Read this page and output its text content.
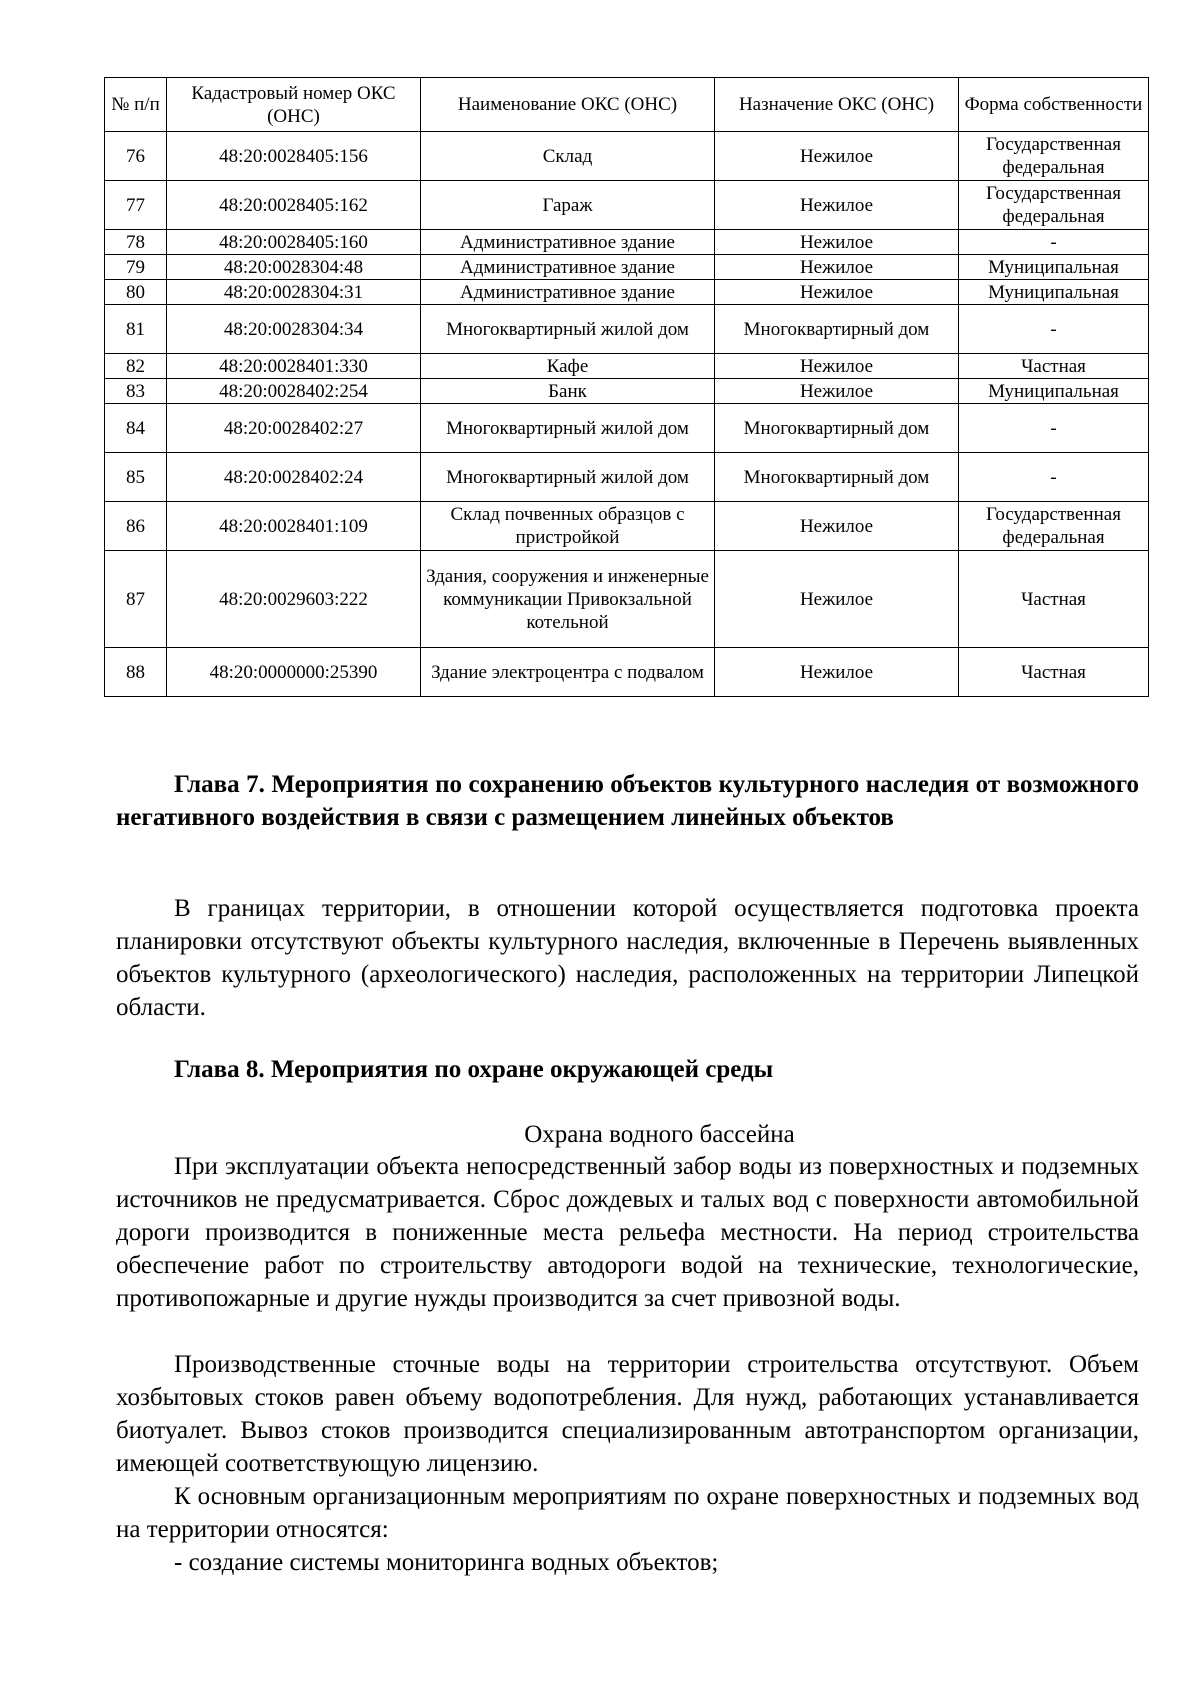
№ п/п	Кадастровый номер ОКС (ОНС)	Наименование ОКС (ОНС)	Назначение ОКС (ОНС)	Форма собственности
76	48:20:0028405:156	Склад	Нежилое	Государственная федеральная
77	48:20:0028405:162	Гараж	Нежилое	Государственная федеральная
78	48:20:0028405:160	Административное здание	Нежилое	-
79	48:20:0028304:48	Административное здание	Нежилое	Муниципальная
80	48:20:0028304:31	Административное здание	Нежилое	Муниципальная
81	48:20:0028304:34	Многоквартирный жилой дом	Многоквартирный дом	-
82	48:20:0028401:330	Кафе	Нежилое	Частная
83	48:20:0028402:254	Банк	Нежилое	Муниципальная
84	48:20:0028402:27	Многоквартирный жилой дом	Многоквартирный дом	-
85	48:20:0028402:24	Многоквартирный жилой дом	Многоквартирный дом	-
86	48:20:0028401:109	Склад почвенных образцов с пристройкой	Нежилое	Государственная федеральная
87	48:20:0029603:222	Здания, сооружения и инженерные коммуникации Привокзальной котельной	Нежилое	Частная
88	48:20:0000000:25390	Здание электроцентра с подвалом	Нежилое	Частная
Глава 7. Мероприятия по сохранению объектов культурного наследия от возможного негативного воздействия в связи с размещением линейных объектов
В границах территории, в отношении которой осуществляется подготовка проекта планировки отсутствуют объекты культурного наследия, включенные в Перечень выявленных объектов культурного (археологического) наследия, расположенных на территории Липецкой области.
Глава 8. Мероприятия по охране окружающей среды
Охрана водного бассейна
При эксплуатации объекта непосредственный забор воды из поверхностных и подземных источников не предусматривается. Сброс дождевых и талых вод с поверхности автомобильной дороги производится в пониженные места рельефа местности. На период строительства обеспечение работ по строительству автодороги водой на технические, технологические, противопожарные и другие нужды производится за счет привозной воды.
Производственные сточные воды на территории строительства отсутствуют. Объем хозбытовых стоков равен объему водопотребления. Для нужд, работающих устанавливается биотуалет. Вывоз стоков производится специализированным автотранспортом организации, имеющей соответствующую лицензию.
К основным организационным мероприятиям по охране поверхностных и подземных вод на территории относятся:
- создание системы мониторинга водных объектов;
